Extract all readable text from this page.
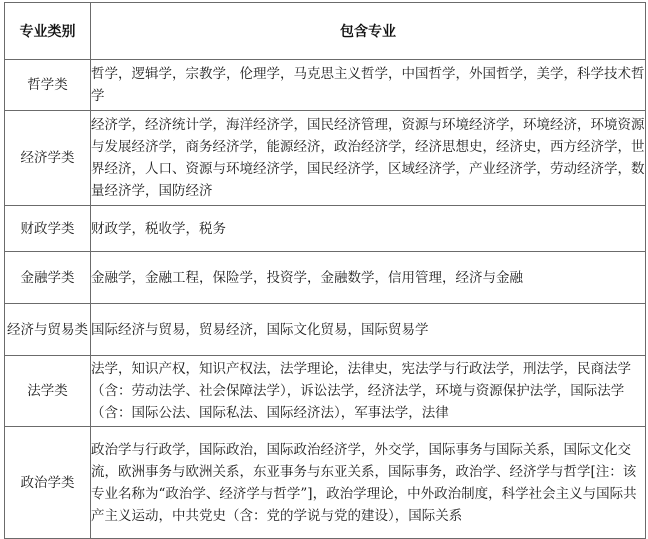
专业类别	包含专业
哲学类	哲学，逻辑学，宗教学，伦理学，马克思主义哲学，中国哲学，外国哲学，美学，科学技术哲学
经济学类	经济学，经济统计学，海洋经济学，国民经济管理，资源与环境经济学，环境经济，环境资源与发展经济学，商务经济学，能源经济，政治经济学，经济思想史，经济史，西方经济学，世界经济，人口、资源与环境经济学，国民经济学，区域经济学，产业经济学，劳动经济学，数量经济学，国防经济
财政学类	财政学，税收学，税务
金融学类	金融学，金融工程，保险学，投资学，金融数学，信用管理，经济与金融
经济与贸易类	国际经济与贸易，贸易经济，国际文化贸易，国际贸易学
法学类	法学，知识产权，知识产权法，法学理论，法律史，宪法学与行政法学，刑法学，民商法学（含：劳动法学、社会保障法学），诉讼法学，经济法学，环境与资源保护法学，国际法学（含：国际公法、国际私法、国际经济法），军事法学，法律
政治学类	政治学与行政学，国际政治，国际政治经济学，外交学，国际事务与国际关系，国际文化交流，欧洲事务与欧洲关系，东亚事务与东亚关系，国际事务，政治学、经济学与哲学[注：该专业名称为“政治学、经济学与哲学”]，政治学理论，中外政治制度，科学社会主义与国际共产主义运动，中共党史（含：党的学说与党的建设），国际关系
